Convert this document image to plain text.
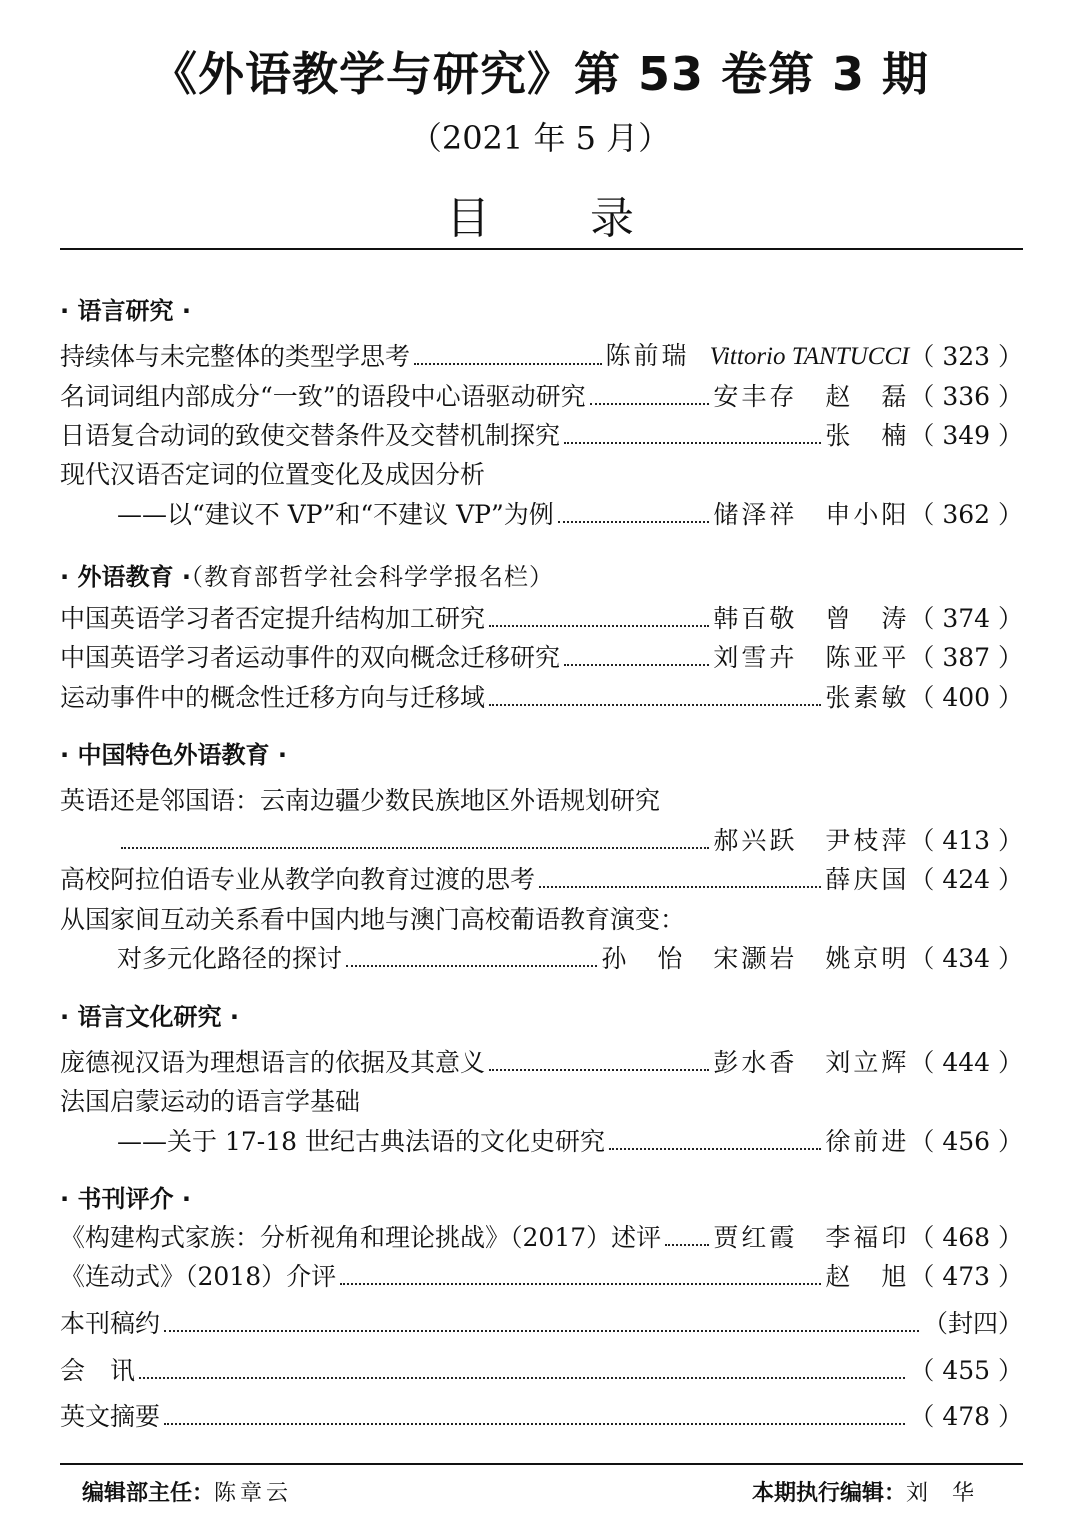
《外语教学与研究》第 53 卷第 3 期
（2021 年 5 月）
目录
· 语言研究 ·
持续体与未完整体的类型学思考	陈前瑞 Vittorio TANTUCCI （ 323 ）
名词词组内部成分“一致”的语段中心语驱动研究	安丰存　赵　磊 （ 336 ）
日语复合动词的致使交替条件及交替机制探究	张　楠 （ 349 ）
现代汉语否定词的位置变化及成因分析
——以“建议不 VP”和“不建议 VP”为例	储泽祥　申小阳 （ 362 ）
· 外语教育 ·（教育部哲学社会科学学报名栏）
中国英语学习者否定提升结构加工研究	韩百敬　曾　涛 （ 374 ）
中国英语学习者运动事件的双向概念迁移研究	刘雪卉　陈亚平 （ 387 ）
运动事件中的概念性迁移方向与迁移域	张素敏 （ 400 ）
· 中国特色外语教育 ·
英语还是邻国语：云南边疆少数民族地区外语规划研究
郝兴跃　尹枝萍 （ 413 ）
高校阿拉伯语专业从教学向教育过渡的思考	薛庆国 （ 424 ）
从国家间互动关系看中国内地与澳门高校葡语教育演变：
对多元化路径的探讨	孙　怡　宋灏岩　姚京明 （ 434 ）
· 语言文化研究 ·
庞德视汉语为理想语言的依据及其意义	彭水香　刘立辉 （ 444 ）
法国启蒙运动的语言学基础
——关于 17-18 世纪古典法语的文化史研究	徐前进 （ 456 ）
· 书刊评介 ·
《构建构式家族：分析视角和理论挑战》（2017）述评 贾红霞　李福印 （ 468 ）
《连动式》（2018）介评	赵　旭 （ 473 ）
本刊稿约	（封四）
会　讯	（ 455 ）
英文摘要	（ 478 ）
编辑部主任：陈章云	本期执行编辑：刘华
